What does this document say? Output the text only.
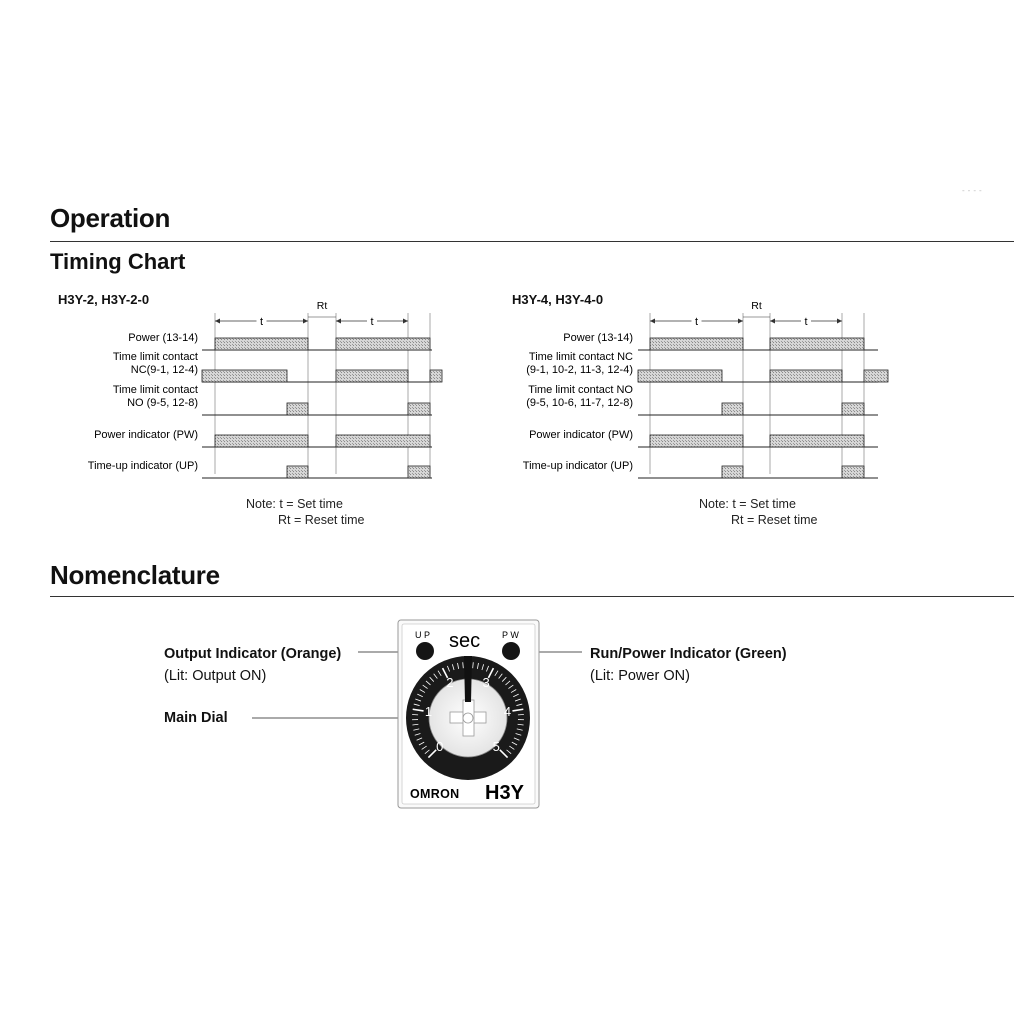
Operation
----
Timing Chart
H3Y-2, H3Y-2-0
t	t
Rt
Power (13-14)
Time limit contact
NC(9-1, 12-4)
Time limit contact
NO (9-5, 12-8)
Power indicator (PW)
Time-up indicator (UP)
Note: t = Set time
Rt = Reset time
H3Y-4, H3Y-4-0
t	t
Rt
Power (13-14)
Time limit contact NC
(9-1, 10-2, 11-3, 12-4)
Time limit contact NO
(9-5, 10-6, 11-7, 12-8)
Power indicator (PW)
Time-up indicator (UP)
Note: t = Set time
Rt = Reset time
Nomenclature
Output Indicator (Orange)
(Lit: Output ON)
Main Dial
Run/Power Indicator (Green)
(Lit: Power ON)
U P	P W
sec
0
1
2 3
4
5
OMRON H3Y
